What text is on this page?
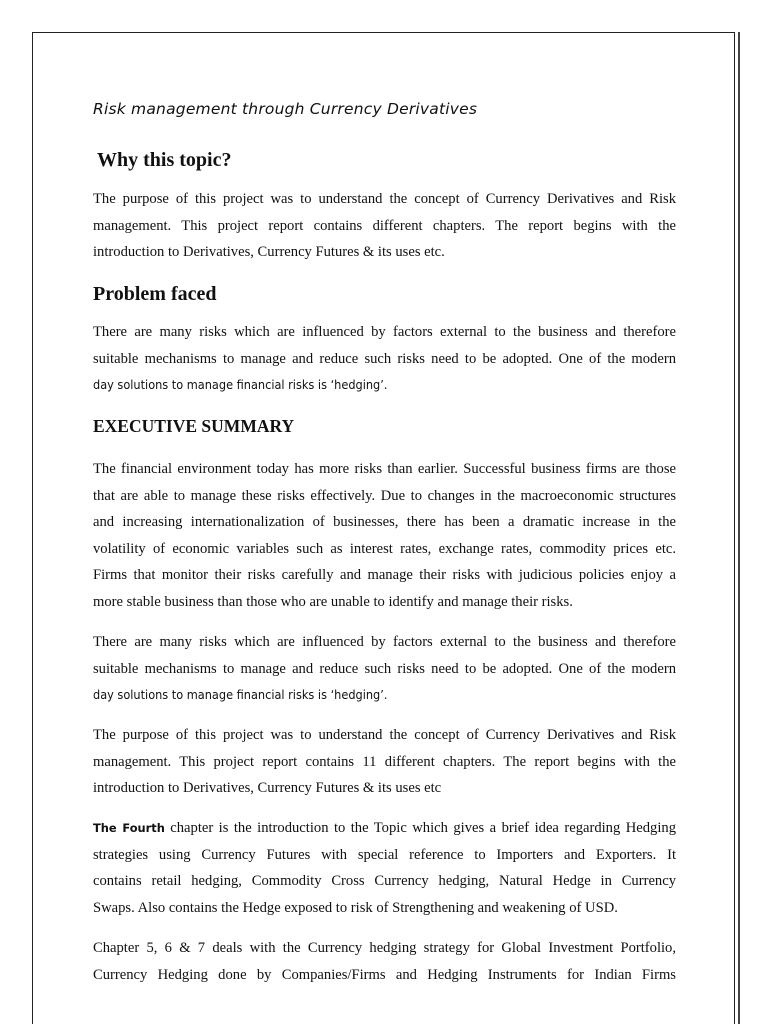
Risk management through Currency Derivatives
Why this topic?

The purpose of this project was to understand the concept of Currency Derivatives and Risk
management. This project report contains different chapters. The report begins with the
introduction to Derivatives, Currency Futures & its uses etc.

Problem faced

There are many risks which are influenced by factors external to the business and therefore
suitable mechanisms to manage and reduce such risks need to be adopted. One of the modern
day solutions to manage financial risks is ‘hedging’.

EXECUTIVE SUMMARY

The financial environment today has more risks than earlier. Successful business firms are those
that are able to manage these risks effectively. Due to changes in the macroeconomic structures
and increasing internationalization of businesses, there has been a dramatic increase in the
volatility of economic variables such as interest rates, exchange rates, commodity prices etc.
Firms that monitor their risks carefully and manage their risks with judicious policies enjoy a
more stable business than those who are unable to identify and manage their risks.

There are many risks which are influenced by factors external to the business and therefore
suitable mechanisms to manage and reduce such risks need to be adopted. One of the modern
day solutions to manage financial risks is ‘hedging’.

The purpose of this project was to understand the concept of Currency Derivatives and Risk
management. This project report contains 11 different chapters. The report begins with the
introduction to Derivatives, Currency Futures & its uses etc

The Fourth chapter is the introduction to the Topic which gives a brief idea regarding Hedging
strategies using Currency Futures with special reference to Importers and Exporters. It
contains retail hedging, Commodity Cross Currency hedging, Natural Hedge in Currency
Swaps. Also contains the Hedge exposed to risk of Strengthening and weakening of USD.

Chapter 5, 6 & 7 deals with the Currency hedging strategy for Global Investment Portfolio,
Currency Hedging done by Companies/Firms and Hedging Instruments for Indian Firms
